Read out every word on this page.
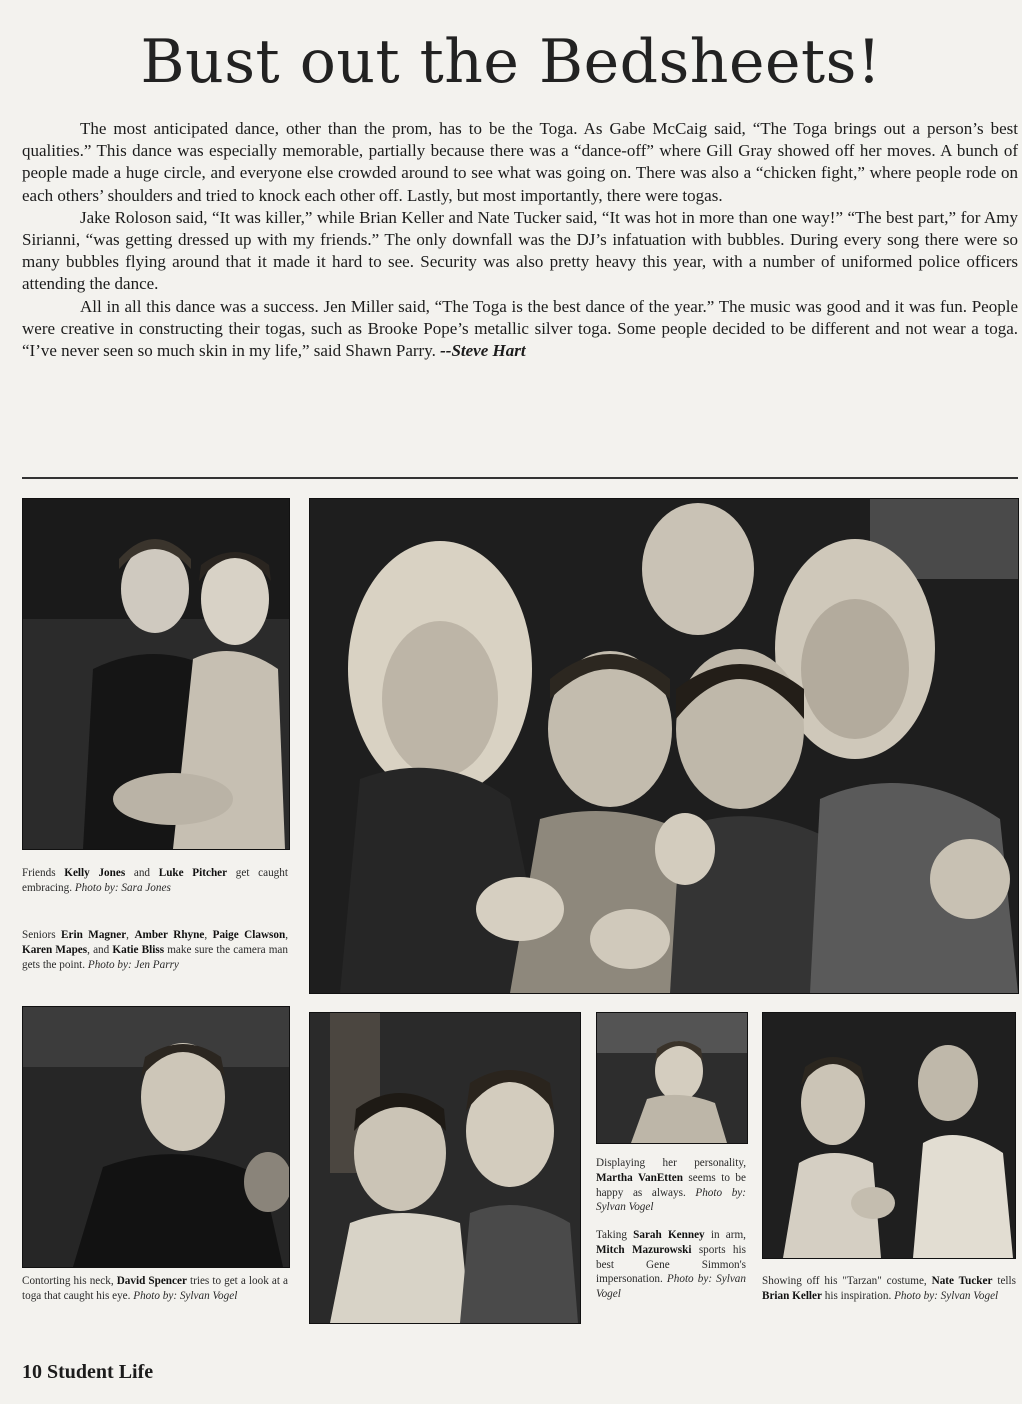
Bust out the Bedsheets!

The most anticipated dance, other than the prom, has to be the Toga. As Gabe McCaig said, “The Toga brings out a person’s best qualities.” This dance was especially memorable, partially because there was a “dance-off” where Gill Gray showed off her moves. A bunch of people made a huge circle, and everyone else crowded around to see what was going on. There was also a “chicken fight,” where people rode on each others’ shoulders and tried to knock each other off. Lastly, but most importantly, there were togas.

Jake Roloson said, “It was killer,” while Brian Keller and Nate Tucker said, “It was hot in more than one way!” “The best part,” for Amy Sirianni, “was getting dressed up with my friends.” The only downfall was the DJ’s infatuation with bubbles. During every song there were so many bubbles flying around that it made it hard to see. Security was also pretty heavy this year, with a number of uniformed police officers attending the dance.

All in all this dance was a success. Jen Miller said, “The Toga is the best dance of the year.” The music was good and it was fun. People were creative in constructing their togas, such as Brooke Pope’s metallic silver toga. Some people decided to be different and not wear a toga. “I’ve never seen so much skin in my life,” said Shawn Parry. --Steve Hart

Friends Kelly Jones and Luke Pitcher get caught embracing. Photo by: Sara Jones
Seniors Erin Magner, Amber Rhyne, Paige Clawson, Karen Mapes, and Katie Bliss make sure the camera man gets the point. Photo by: Jen Parry
Contorting his neck, David Spencer tries to get a look at a toga that caught his eye. Photo by: Sylvan Vogel
Displaying her personality, Martha VanEtten seems to be happy as always. Photo by: Sylvan Vogel
Taking Sarah Kenney in arm, Mitch Mazurowski sports his best Gene Simmon's impersonation. Photo by: Sylvan Vogel
Showing off his "Tarzan" costume, Nate Tucker tells Brian Keller his inspiration. Photo by: Sylvan Vogel
10 Student Life
